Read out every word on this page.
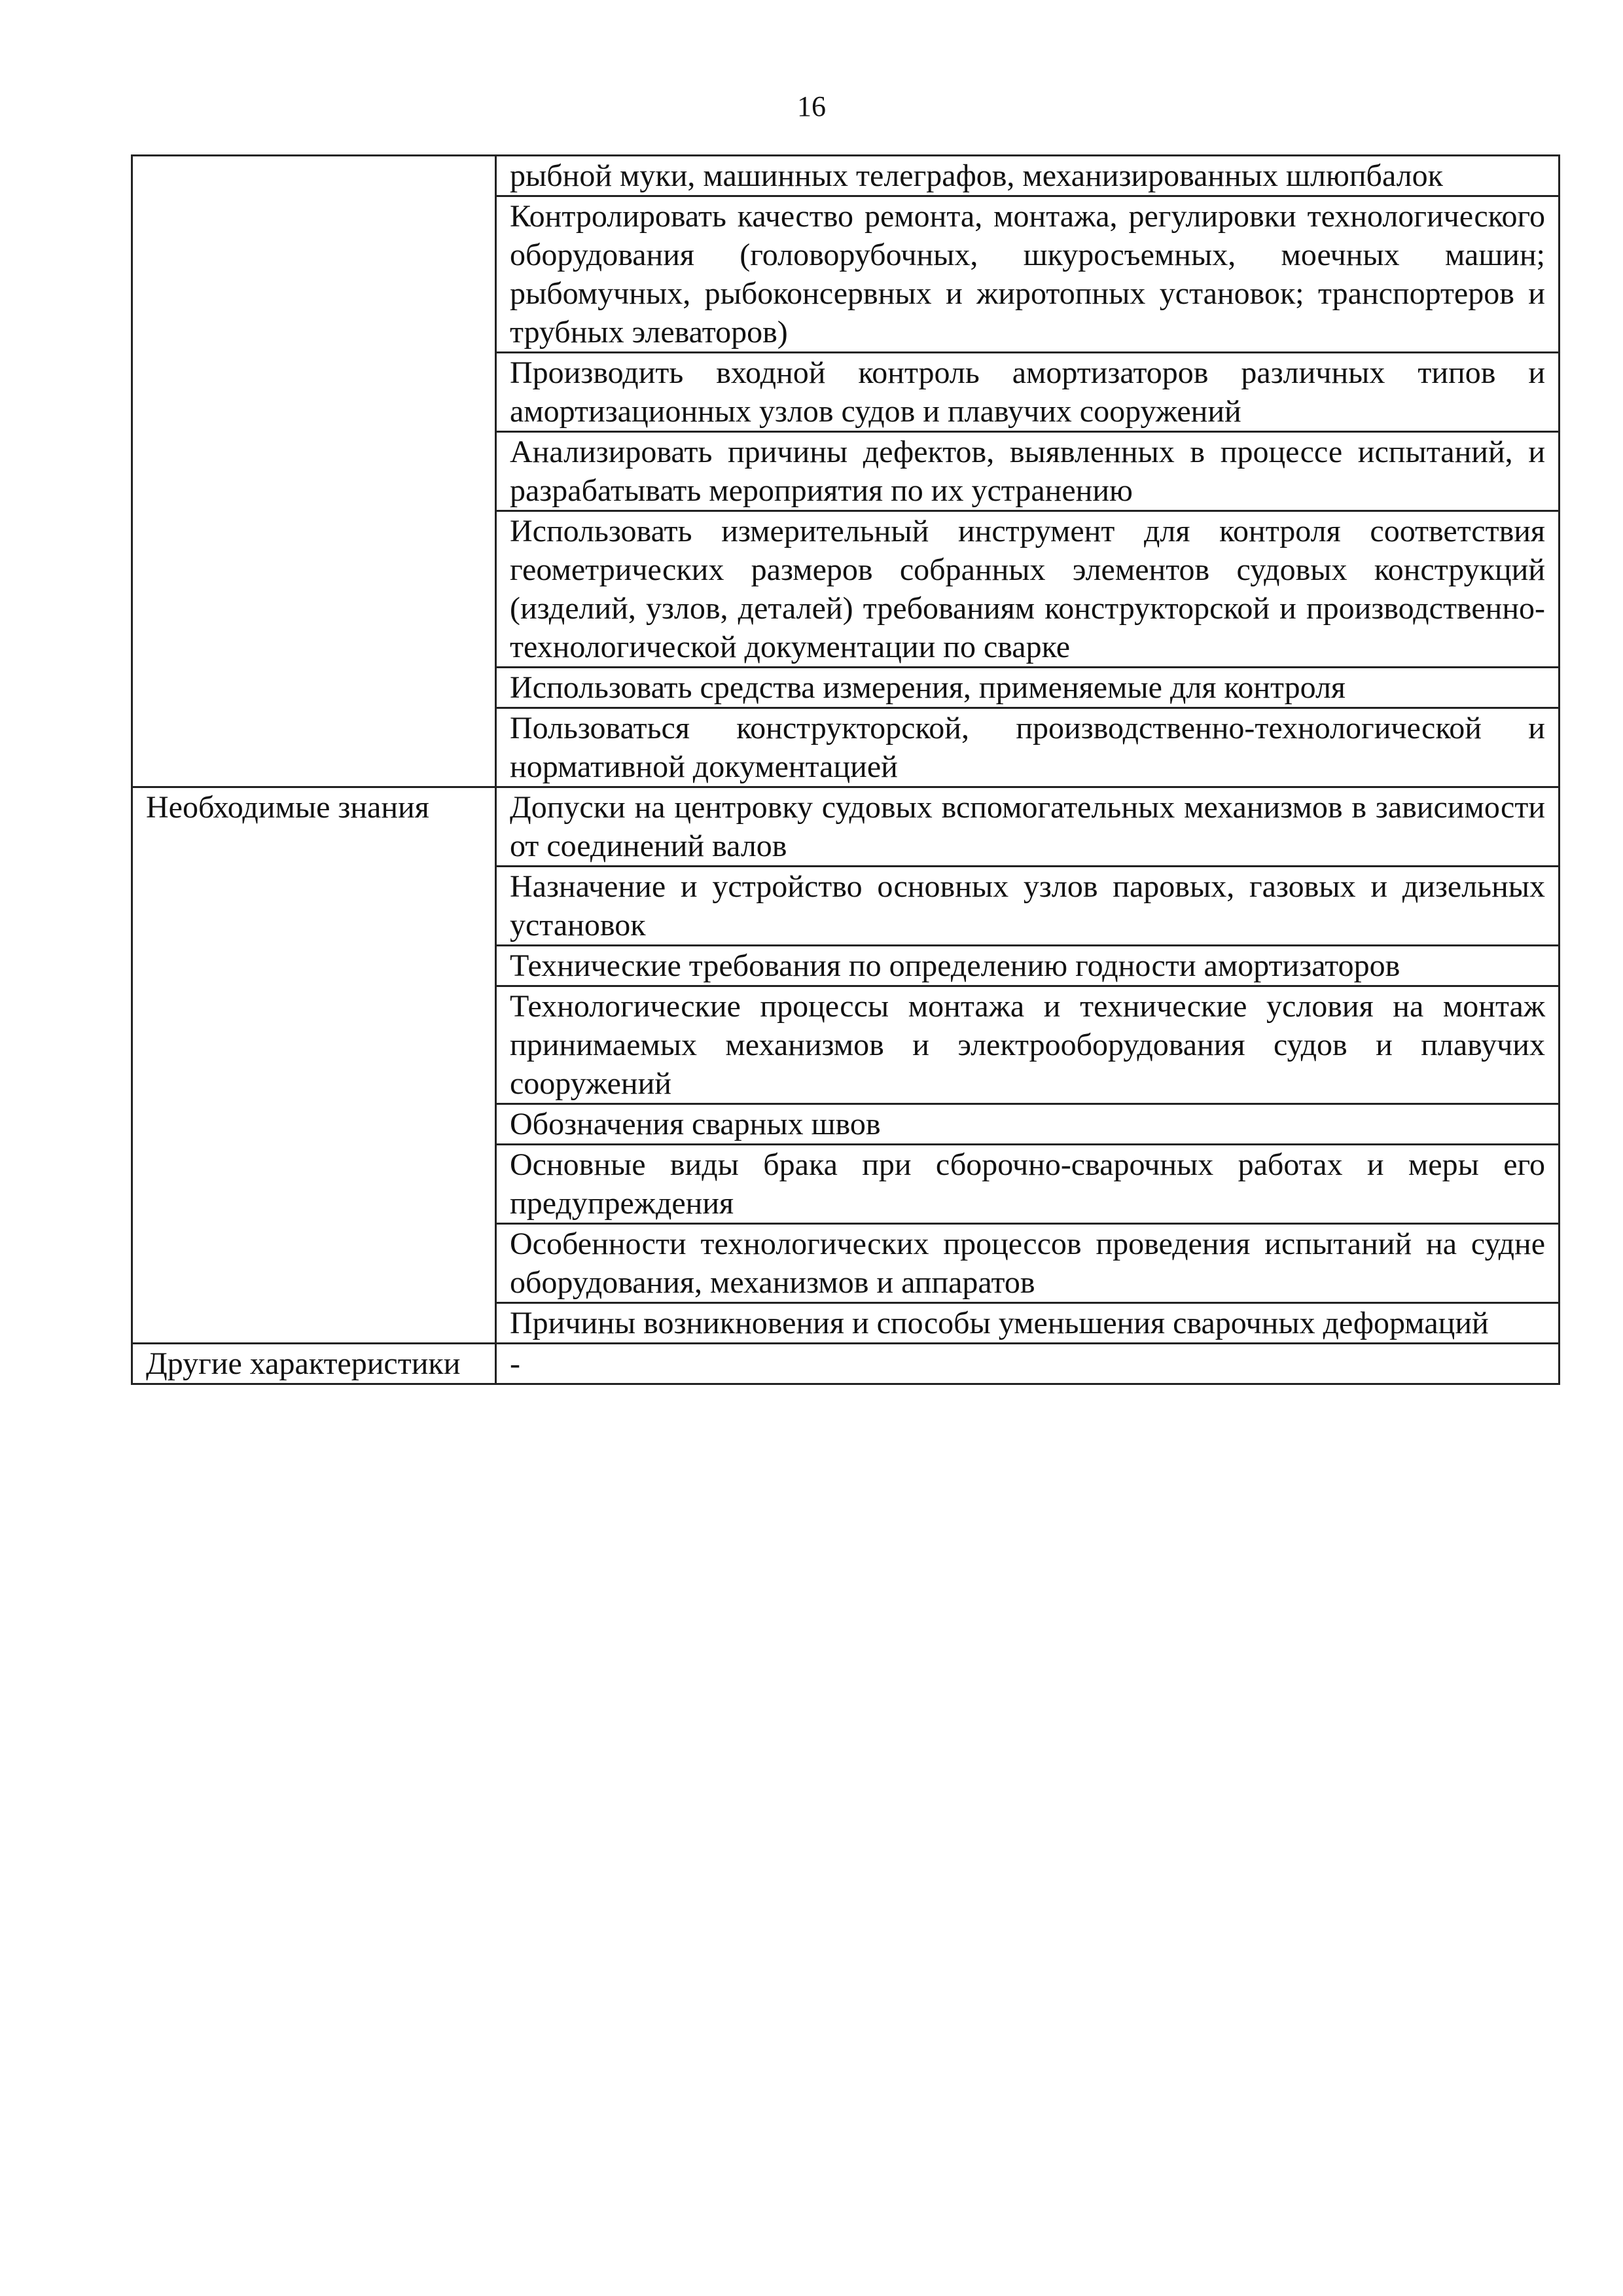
16
	рыбной муки, машинных телеграфов, механизированных шлюпбалок
	Контролировать качество ремонта, монтажа, регулировки технологического оборудования (головорубочных, шкуросъемных, моечных машин; рыбомучных, рыбоконсервных и жиротопных установок; транспортеров и трубных элеваторов)
	Производить входной контроль амортизаторов различных типов и амортизационных узлов судов и плавучих сооружений
	Анализировать причины дефектов, выявленных в процессе испытаний, и разрабатывать мероприятия по их устранению
	Использовать измерительный инструмент для контроля соответствия геометрических размеров собранных элементов судовых конструкций (изделий, узлов, деталей) требованиям конструкторской и производственно-технологической документации по сварке
	Использовать средства измерения, применяемые для контроля
	Пользоваться конструкторской, производственно-технологической и нормативной документацией
Необходимые знания	Допуски на центровку судовых вспомогательных механизмов в зависимости от соединений валов
	Назначение и устройство основных узлов паровых, газовых и дизельных установок
	Технические требования по определению годности амортизаторов
	Технологические процессы монтажа и технические условия на монтаж принимаемых механизмов и электрооборудования судов и плавучих сооружений
	Обозначения сварных швов
	Основные виды брака при сборочно-сварочных работах и меры его предупреждения
	Особенности технологических процессов проведения испытаний на судне оборудования, механизмов и аппаратов
	Причины возникновения и способы уменьшения сварочных деформаций
Другие характеристики	-
